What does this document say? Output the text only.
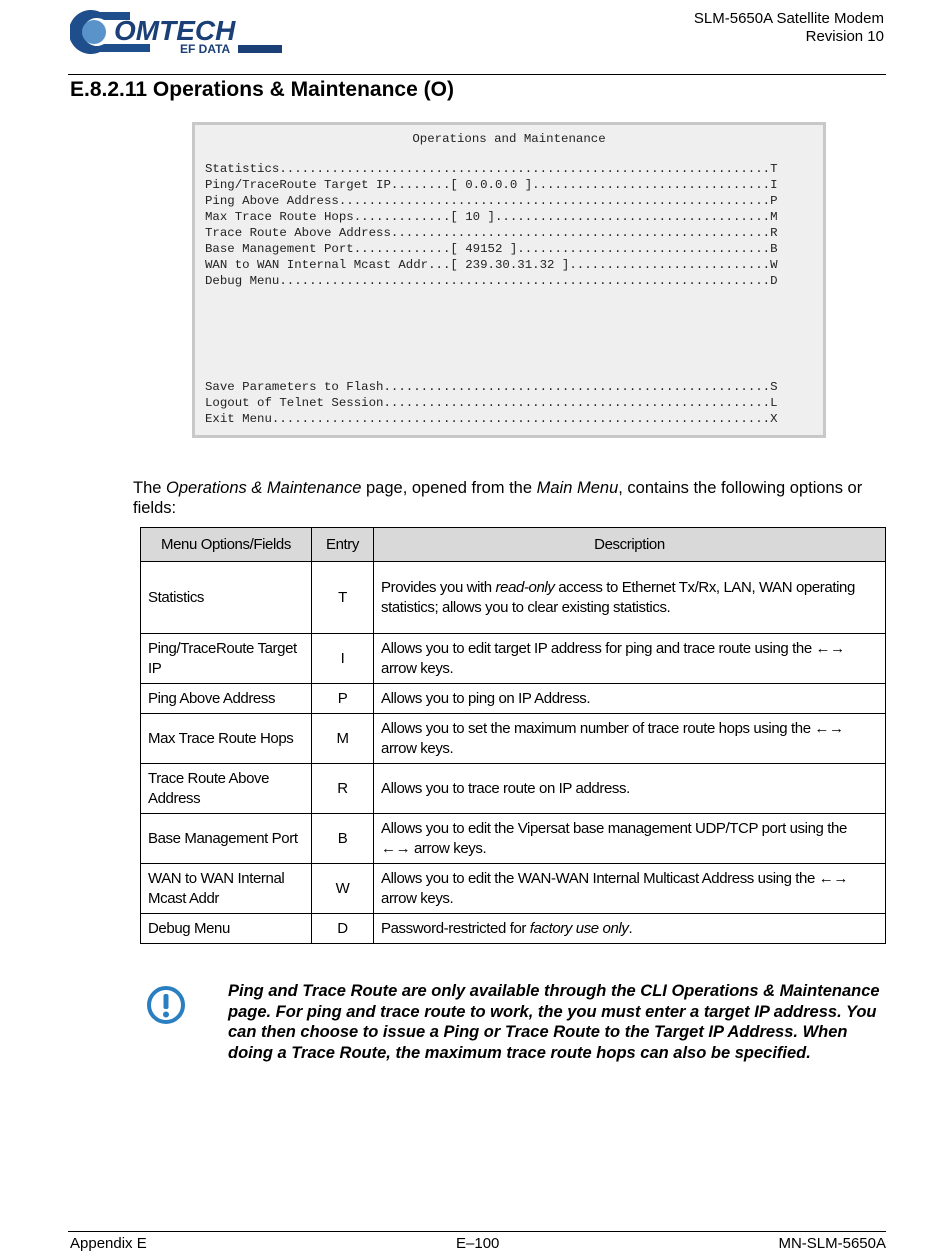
OMTECH
EF DATA
SLM-5650A Satellite Modem
Revision 10
E.8.2.11 Operations & Maintenance (O)
Operations and Maintenance
Statistics..................................................................T
Ping/TraceRoute Target IP........[ 0.0.0.0 ]................................I
Ping Above Address..........................................................P
Max Trace Route Hops.............[ 10 ].....................................M
Trace Route Above Address...................................................R
Base Management Port.............[ 49152 ]..................................B
WAN to WAN Internal Mcast Addr...[ 239.30.31.32 ]...........................W
Debug Menu..................................................................D
Save Parameters to Flash....................................................S
Logout of Telnet Session....................................................L
Exit Menu...................................................................X
The Operations & Maintenance page, opened from the Main Menu, contains the following options or fields:
Menu Options/Fields	Entry	Description
Statistics	T	Provides you with read-only access to Ethernet Tx/Rx, LAN, WAN operating statistics; allows you to clear existing statistics.
Ping/TraceRoute Target IP	I	Allows you to edit target IP address for ping and trace route using the ←→ arrow keys.
Ping Above Address	P	Allows you to ping on IP Address.
Max Trace Route Hops	M	Allows you to set the maximum number of trace route hops using the ←→ arrow keys.
Trace Route Above Address	R	Allows you to trace route on IP address.
Base Management Port	B	Allows you to edit the Vipersat base management UDP/TCP port using the ←→ arrow keys.
WAN to WAN Internal Mcast Addr	W	Allows you to edit the WAN-WAN Internal Multicast Address using the ←→ arrow keys.
Debug Menu	D	Password-restricted for factory use only.
Ping and Trace Route are only available through the CLI Operations & Maintenance page. For ping and trace route to work, the you must enter a target IP address. You can then choose to issue a Ping or Trace Route to the Target IP Address. When doing a Trace Route, the maximum trace route hops can also be specified.
Appendix E	E–100	MN-SLM-5650A
